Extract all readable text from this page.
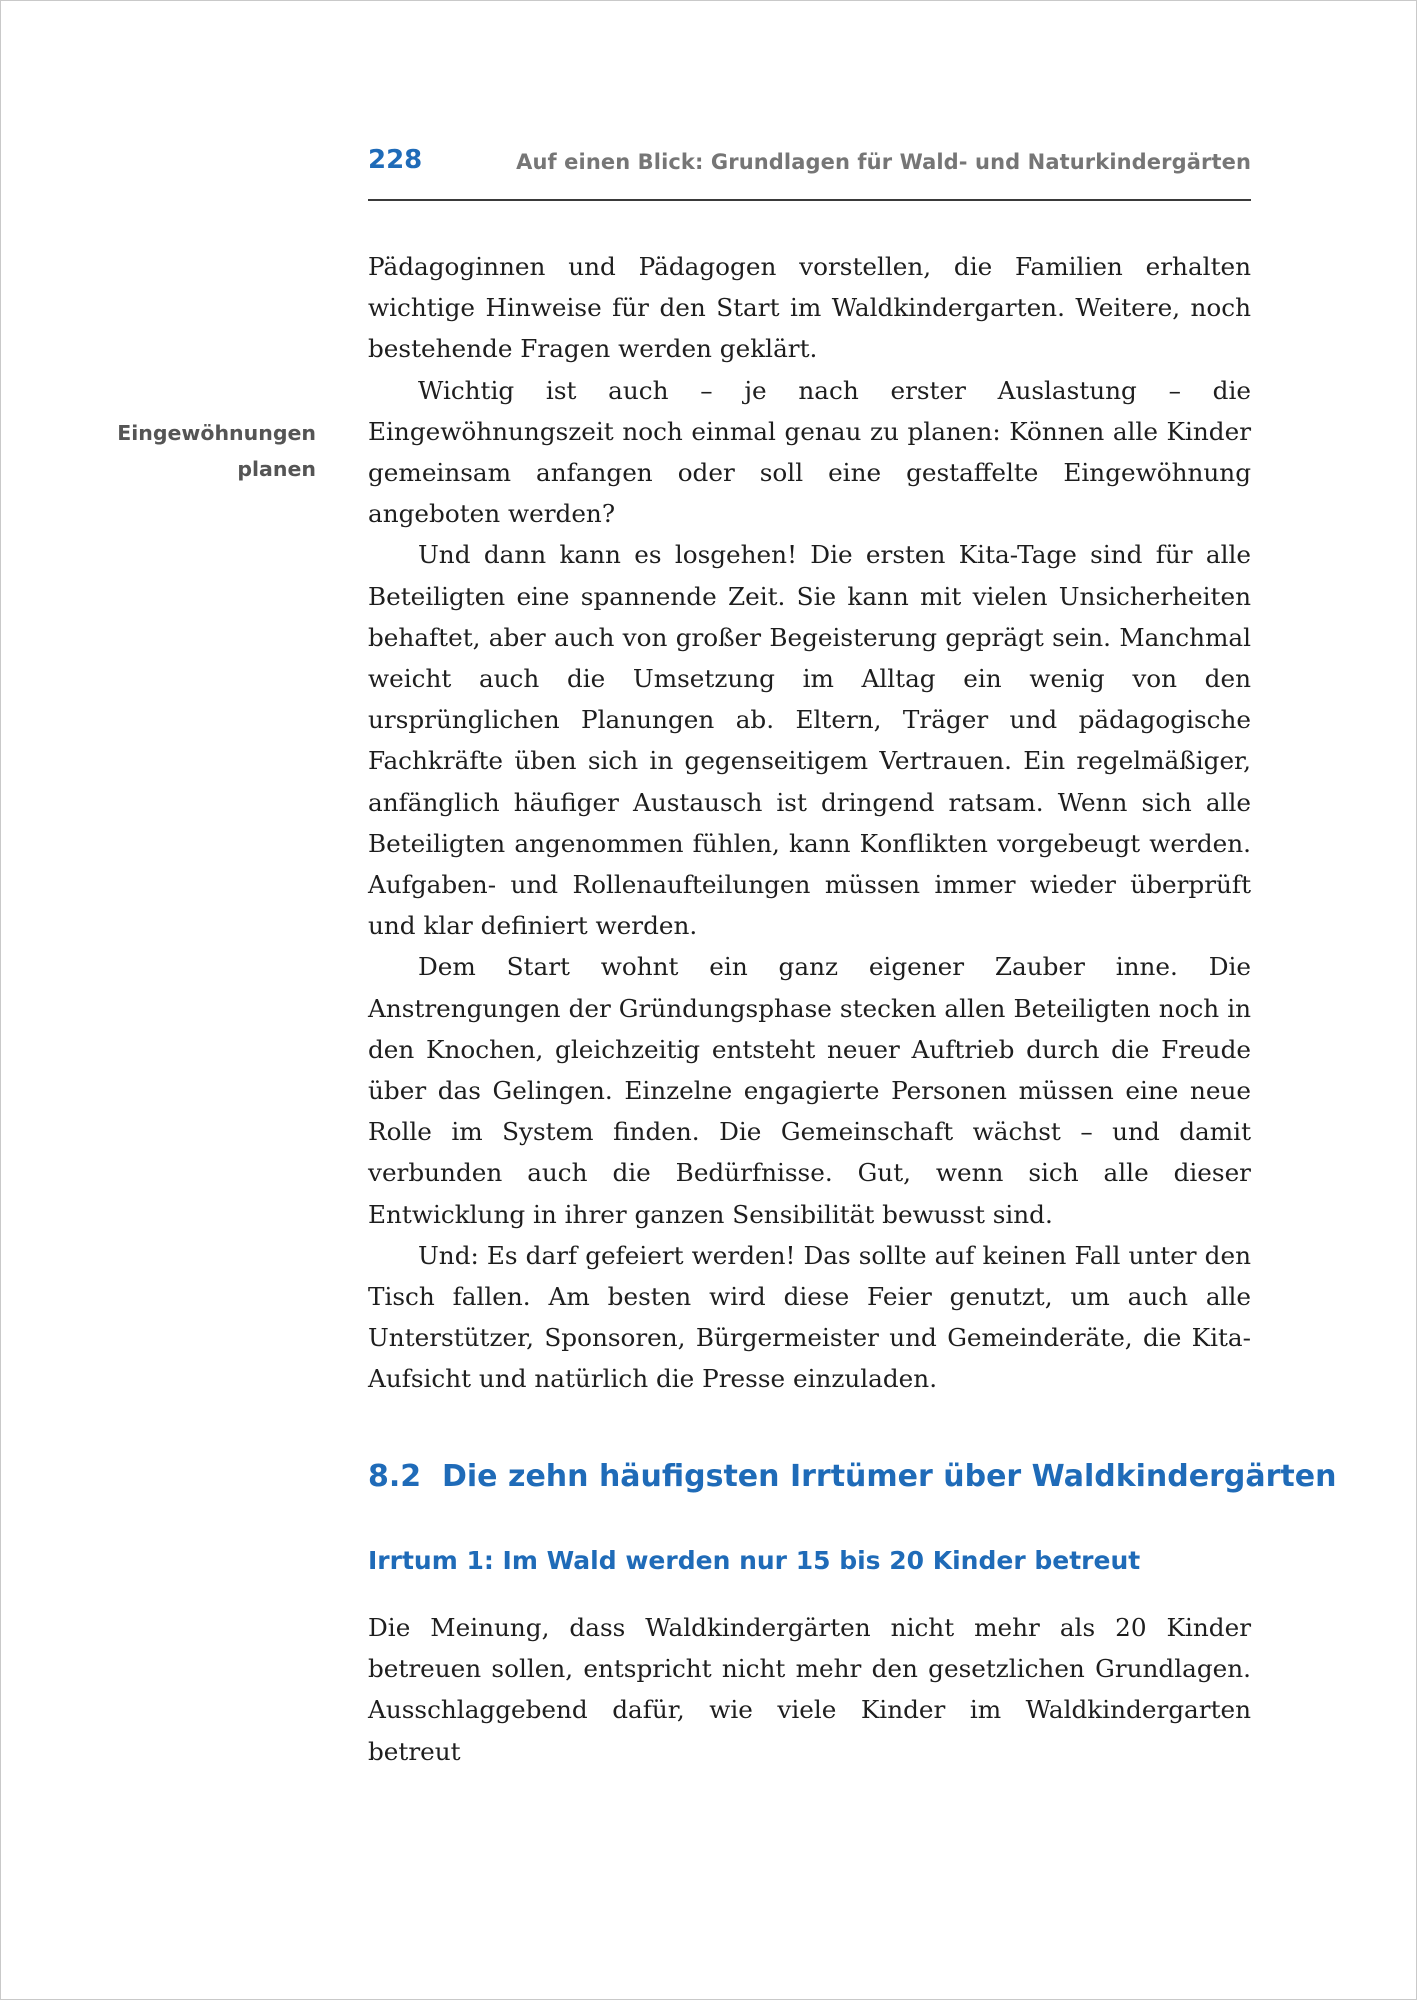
228	Auf einen Blick: Grundlagen für Wald- und Naturkindergärten
Eingewöhnungen
planen

Pädagoginnen und Pädagogen vorstellen, die Familien erhalten wichtige Hinweise für den Start im Waldkindergarten. Weitere, noch bestehende Fragen werden geklärt.

Wichtig ist auch – je nach erster Auslastung – die Eingewöhnungszeit noch einmal genau zu planen: Können alle Kinder gemeinsam anfangen oder soll eine gestaffelte Eingewöhnung angeboten werden?

Und dann kann es losgehen! Die ersten Kita-Tage sind für alle Beteiligten eine spannende Zeit. Sie kann mit vielen Unsicherheiten behaftet, aber auch von großer Begeisterung geprägt sein. Manchmal weicht auch die Umsetzung im Alltag ein wenig von den ursprünglichen Planungen ab. Eltern, Träger und pädagogische Fachkräfte üben sich in gegenseitigem Vertrauen. Ein regelmäßiger, anfänglich häufiger Austausch ist dringend ratsam. Wenn sich alle Beteiligten angenommen fühlen, kann Konflikten vorgebeugt werden. Aufgaben- und Rollenaufteilungen müssen immer wieder überprüft und klar definiert werden.

Dem Start wohnt ein ganz eigener Zauber inne. Die Anstrengungen der Gründungsphase stecken allen Beteiligten noch in den Knochen, gleichzeitig entsteht neuer Auftrieb durch die Freude über das Gelingen. Einzelne engagierte Personen müssen eine neue Rolle im System finden. Die Gemeinschaft wächst – und damit verbunden auch die Bedürfnisse. Gut, wenn sich alle dieser Entwicklung in ihrer ganzen Sensibilität bewusst sind.

Und: Es darf gefeiert werden! Das sollte auf keinen Fall unter den Tisch fallen. Am besten wird diese Feier genutzt, um auch alle Unterstützer, Sponsoren, Bürgermeister und Gemeinderäte, die Kita-Aufsicht und natürlich die Presse einzuladen.

8.2 Die zehn häufigsten Irrtümer über Waldkindergärten
Irrtum 1: Im Wald werden nur 15 bis 20 Kinder betreut

Die Meinung, dass Waldkindergärten nicht mehr als 20 Kinder betreuen sollen, entspricht nicht mehr den gesetzlichen Grundlagen. Ausschlaggebend dafür, wie viele Kinder im Waldkindergarten betreut
